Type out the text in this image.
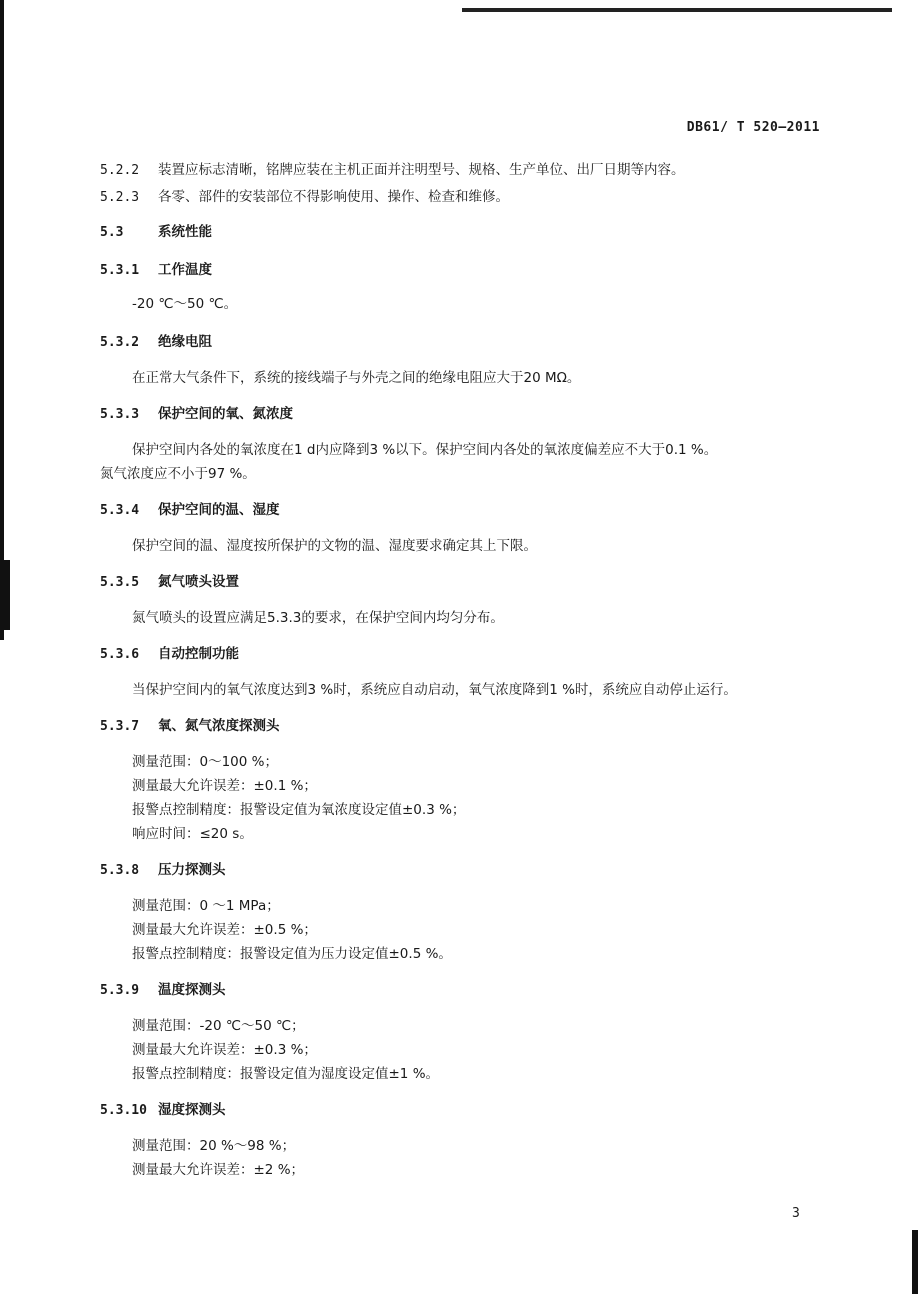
DB61/ T 520—2011
5.2.2 装置应标志清晰，铭牌应装在主机正面并注明型号、规格、生产单位、出厂日期等内容。
5.2.3 各零、部件的安装部位不得影响使用、操作、检查和维修。
5.3	系统性能
5.3.1 工作温度
-20 ℃～50 ℃。
5.3.2 绝缘电阻
在正常大气条件下，系统的接线端子与外壳之间的绝缘电阻应大于20 MΩ。
5.3.3 保护空间的氧、氮浓度
保护空间内各处的氧浓度在1 d内应降到3 %以下。保护空间内各处的氧浓度偏差应不大于0.1 %。
氮气浓度应不小于97 %。
5.3.4 保护空间的温、湿度
保护空间的温、湿度按所保护的文物的温、湿度要求确定其上下限。
5.3.5 氮气喷头设置
氮气喷头的设置应满足5.3.3的要求，在保护空间内均匀分布。
5.3.6 自动控制功能
当保护空间内的氧气浓度达到3 %时，系统应自动启动，氧气浓度降到1 %时，系统应自动停止运行。
5.3.7 氧、氮气浓度探测头
测量范围：0～100 %；
测量最大允许误差：±0.1 %；
报警点控制精度：报警设定值为氧浓度设定值±0.3 %；
响应时间：≤20 s。
5.3.8 压力探测头
测量范围：0 ～1 MPa；
测量最大允许误差：±0.5 %；
报警点控制精度：报警设定值为压力设定值±0.5 %。
5.3.9 温度探测头
测量范围：-20 ℃～50 ℃；
测量最大允许误差：±0.3 %；
报警点控制精度：报警设定值为湿度设定值±1 %。
5.3.10 湿度探测头
测量范围：20 %～98 %；
测量最大允许误差：±2 %；
3
